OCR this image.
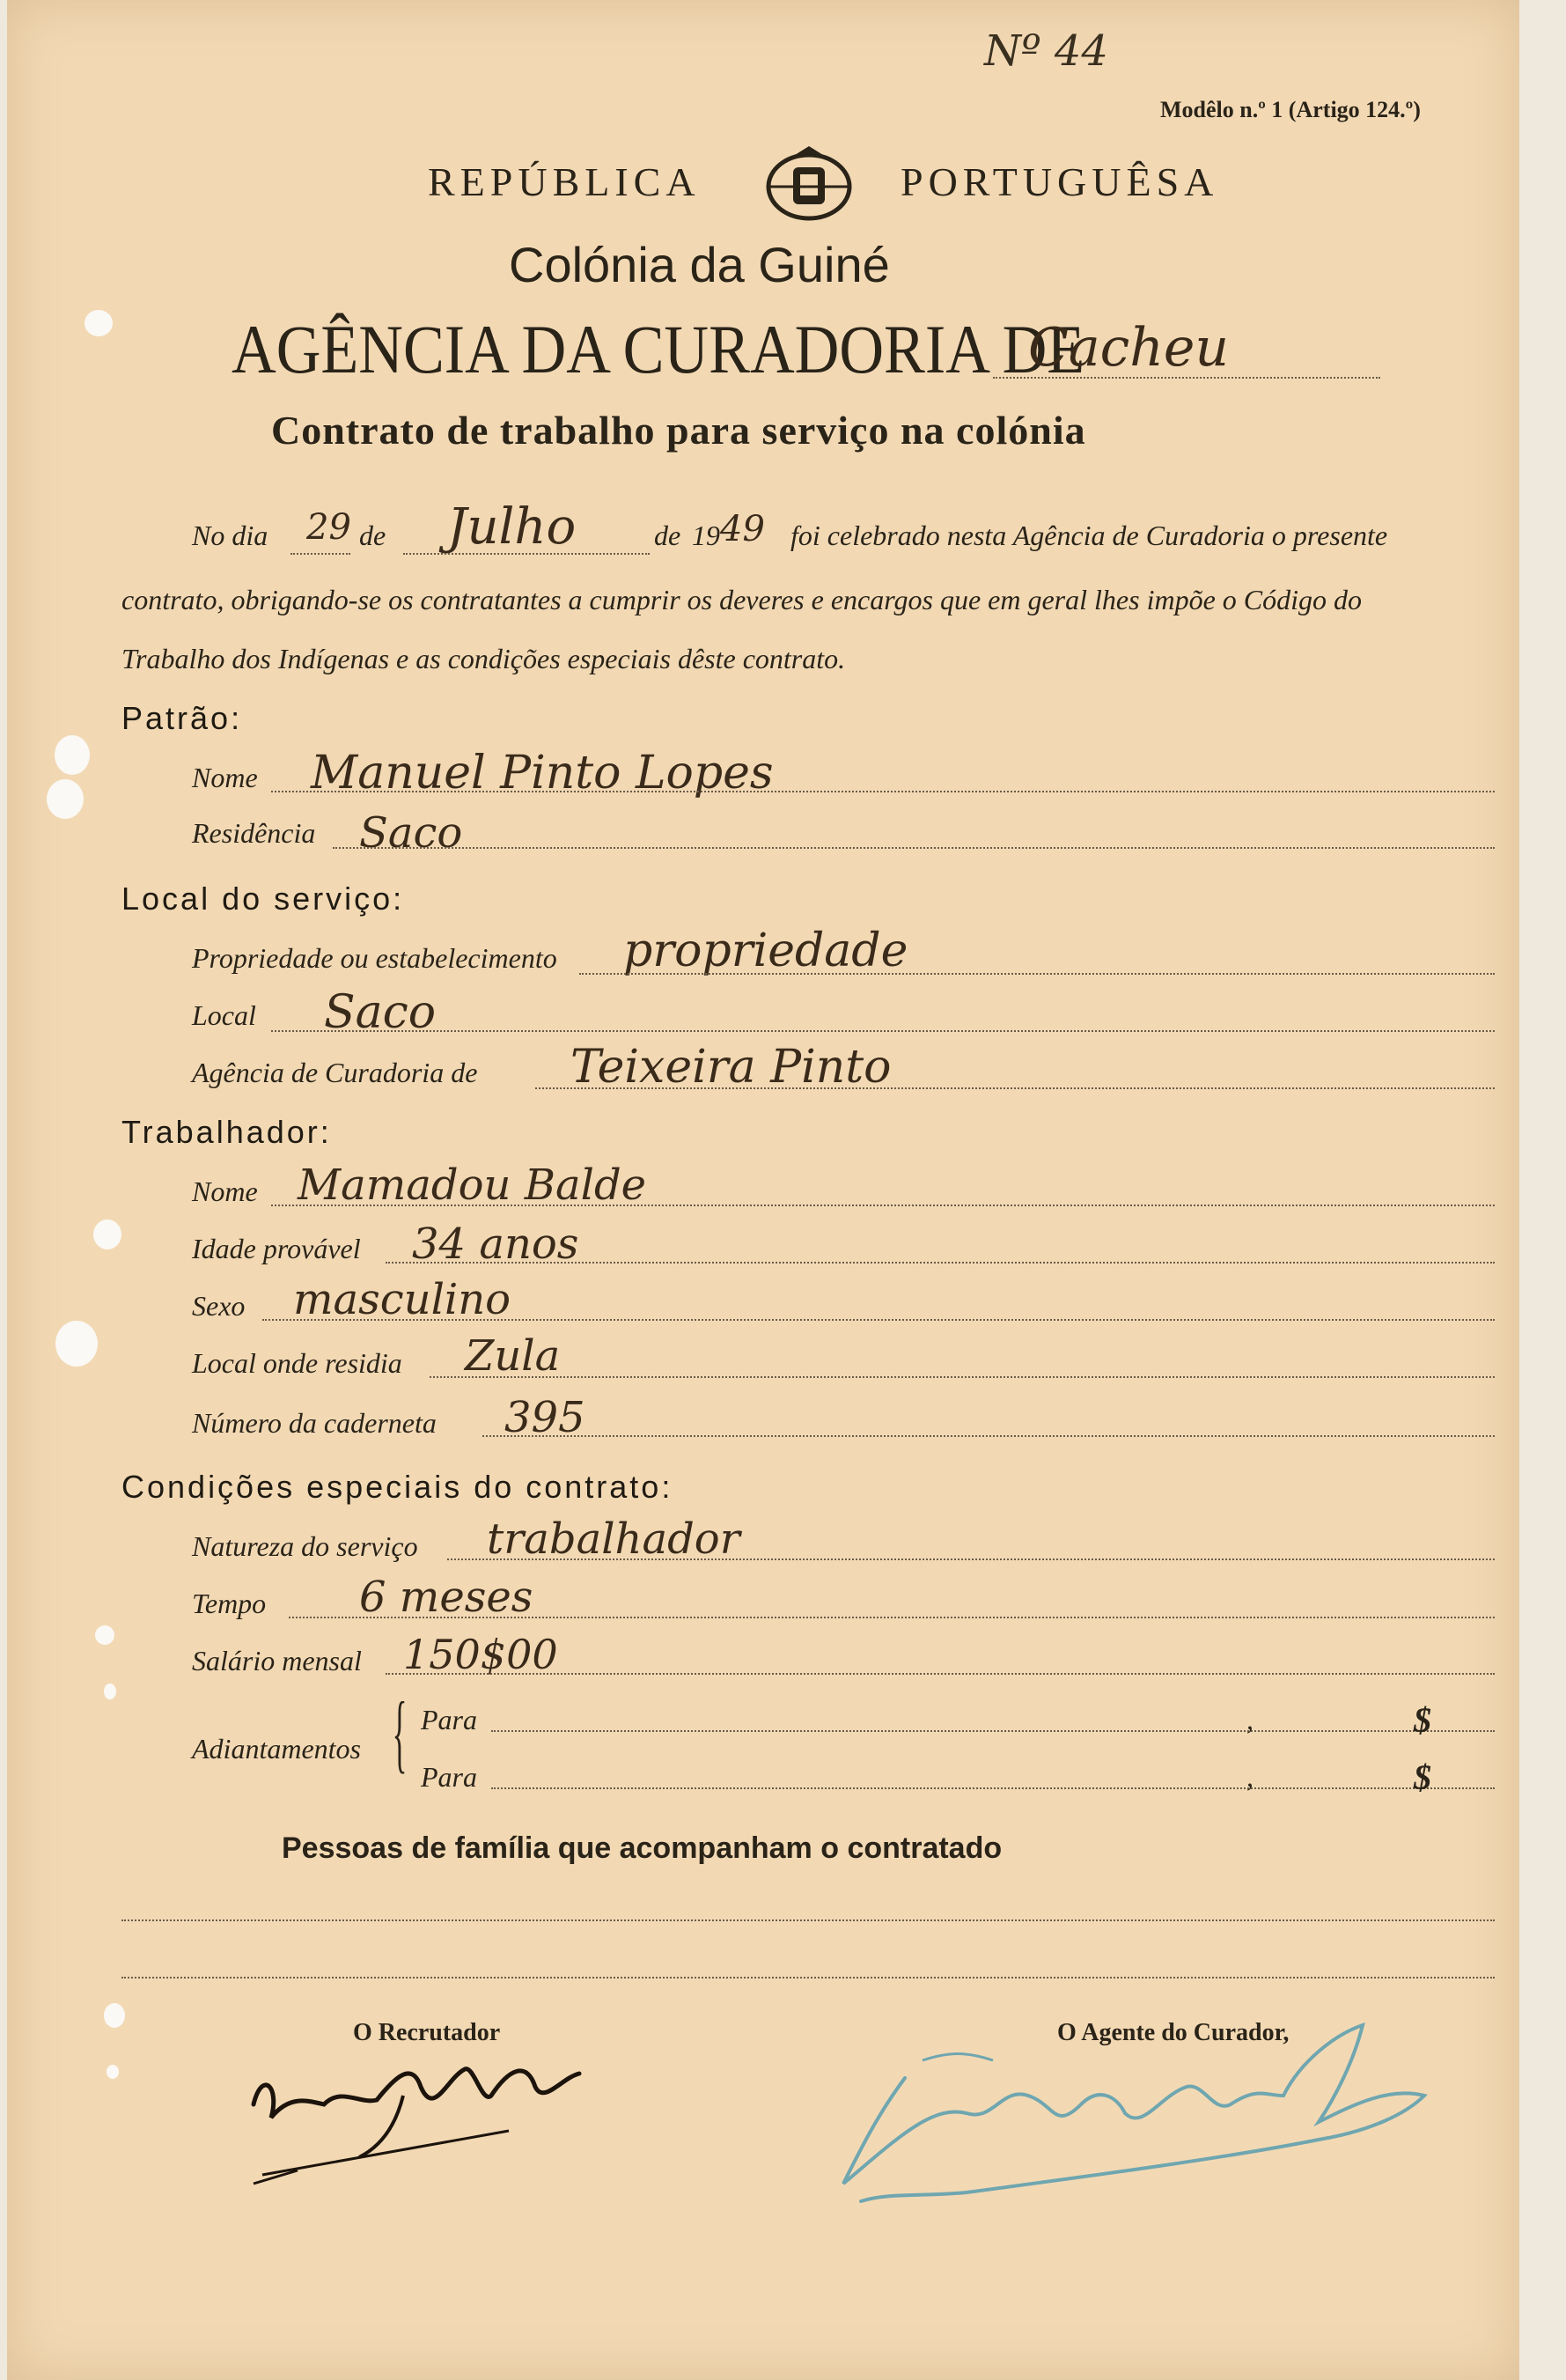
Nº 44
Modêlo n.º 1 (Artigo 124.º)
REPÚBLICA	PORTUGUÊSA
Colónia da Guiné
AGÊNCIA DA CURADORIA DE
Cacheu
Contrato de trabalho para serviço na colónia
No dia 29 de Julho	de 19 49 foi celebrado nesta Agência de Curadoria o presente
contrato, obrigando-se os contratantes a cumprir os deveres e encargos que em geral lhes impõe o Código do
Trabalho dos Indígenas e as condições especiais dêste contrato.
Patrão:
Nome Manuel Pinto Lopes
Residência Saco
Local do serviço:
Propriedade ou estabelecimento propriedade
Local Saco
Agência de Curadoria de Teixeira Pinto
Trabalhador:
Nome Mamadou Balde
Idade provável 34 anos
Sexo masculino
Local onde residia Zula
Número da caderneta 395
Condições especiais do contrato:
Natureza do serviço trabalhador
Tempo 6 meses
Salário mensal 150$00
Adiantamentos { Para	,	$
Para	,	$
Pessoas de família que acompanham o contratado
O Recrutador	O Agente do Curador,
